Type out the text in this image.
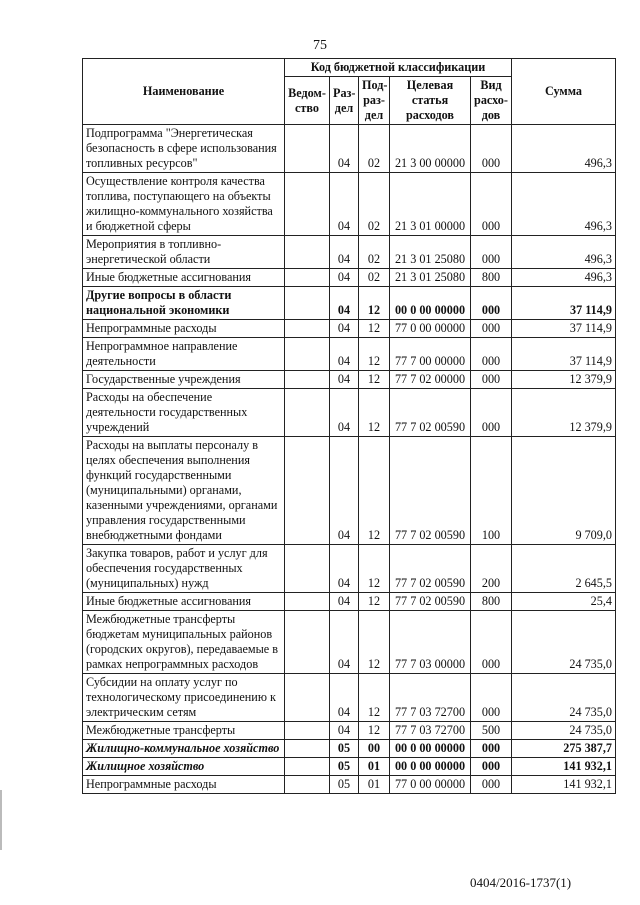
75
Наименование	Код бюджетной классификации					Сумма
	Ведом-ство	Раз-дел	Под-раз-дел	Целевая статья расходов	Вид расхо-дов	
Подпрограмма "Энергетическая безопасность в сфере использования топливных ресурсов"		04	02	21 3 00 00000	000	496,3
Осуществление контроля качества топлива, поступающего на объекты жилищно-коммунального хозяйства и бюджетной сферы		04	02	21 3 01 00000	000	496,3
Мероприятия в топливно-энергетической области		04	02	21 3 01 25080	000	496,3
Иные бюджетные ассигнования		04	02	21 3 01 25080	800	496,3
Другие вопросы в области национальной экономики		04	12	00 0 00 00000	000	37 114,9
Непрограммные расходы		04	12	77 0 00 00000	000	37 114,9
Непрограммное направление деятельности		04	12	77 7 00 00000	000	37 114,9
Государственные учреждения		04	12	77 7 02 00000	000	12 379,9
Расходы на обеспечение деятельности государственных учреждений		04	12	77 7 02 00590	000	12 379,9
Расходы на выплаты персоналу в целях обеспечения выполнения функций государственными (муниципальными) органами, казенными учреждениями, органами управления государственными внебюджетными фондами		04	12	77 7 02 00590	100	9 709,0
Закупка товаров, работ и услуг для обеспечения государственных (муниципальных) нужд		04	12	77 7 02 00590	200	2 645,5
Иные бюджетные ассигнования		04	12	77 7 02 00590	800	25,4
Межбюджетные трансферты бюджетам муниципальных районов (городских округов), передаваемые в рамках непрограммных расходов		04	12	77 7 03 00000	000	24 735,0
Субсидии на оплату услуг по технологическому присоединению к электрическим сетям		04	12	77 7 03 72700	000	24 735,0
Межбюджетные трансферты		04	12	77 7 03 72700	500	24 735,0
Жилищно-коммунальное хозяйство		05	00	00 0 00 00000	000	275 387,7
Жилищное хозяйство		05	01	00 0 00 00000	000	141 932,1
Непрограммные расходы		05	01	77 0 00 00000	000	141 932,1
0404/2016-1737(1)
